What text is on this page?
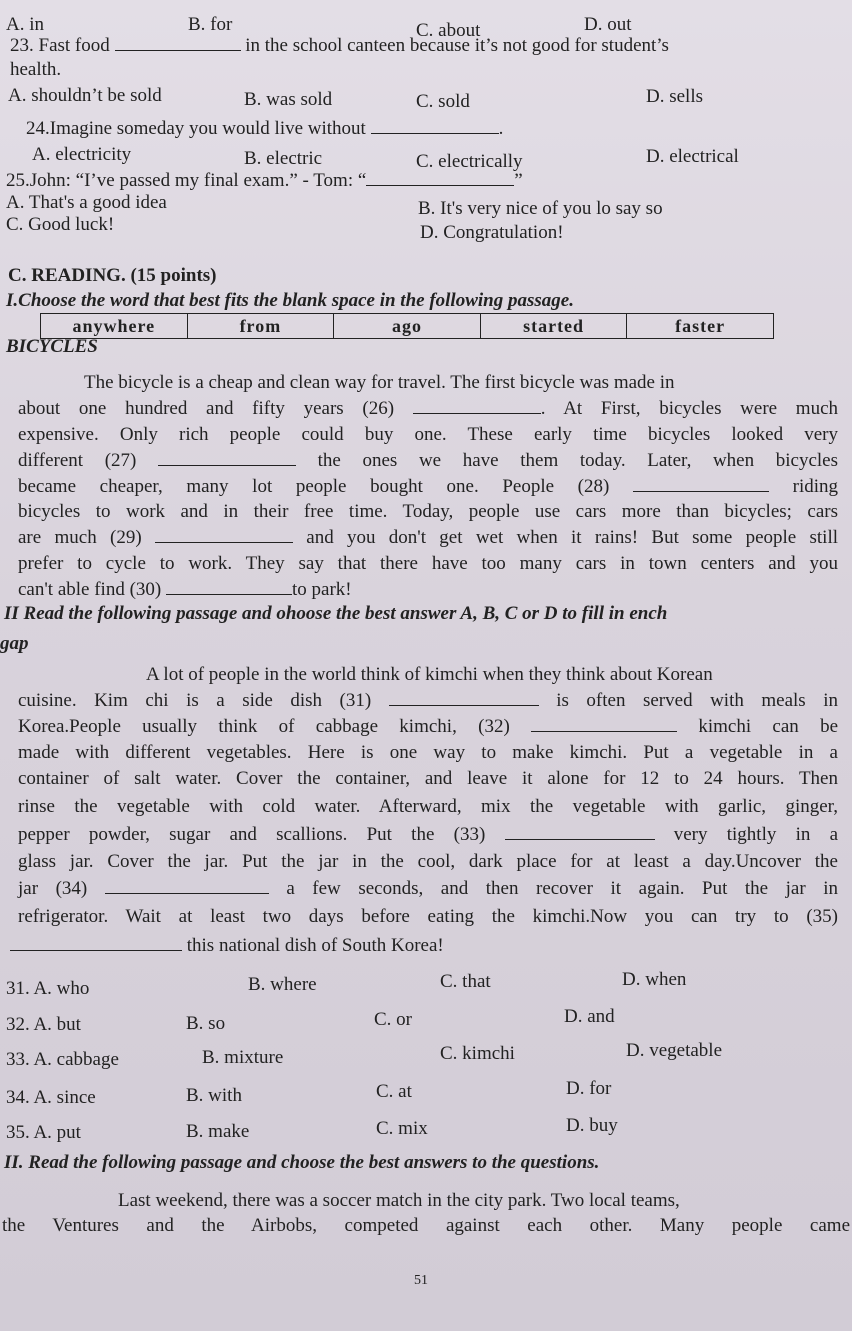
A. in	B. for	C. about	D. out
23. Fast food	in the school canteen because it’s not good for student’s
health.
A. shouldn’t be sold	B. was sold	C. sold	D. sells
24.Imagine someday you would live without	.
A. electricity	B. electric	C. electrically	D. electrical
25.John: “I’ve passed my final exam.” - Tom: “	”
A. That's a good idea	B. It's very nice of you lo say so
C. Good luck!	D. Congratulation!
C. READING. (15 points)
I.Choose the word that best fits the blank space in the following passage.
anywhere	from	ago	started	faster
BICYCLES
The bicycle is a cheap and clean way for travel. The first bicycle was made in
about one hundred and fifty years (26)	. At First, bicycles were much
expensive. Only rich people could buy one. These early time bicycles looked very
different (27)	the ones we have them today. Later, when bicycles
became cheaper, many lot people bought one. People (28)	riding
bicycles to work and in their free time. Today, people use cars more than bicycles; cars
are much (29)	and you don't get wet when it rains! But some people still
prefer to cycle to work. They say that there have too many cars in town centers and you
can't able find (30)	to park!
II Read the following passage and ohoose the best answer A, B, C or D to fill in ench
gap
A lot of people in the world think of kimchi when they think about Korean
cuisine. Kim chi is a side dish (31)	is often served with meals in
Korea.People usually think of cabbage kimchi, (32)	kimchi can be
made with different vegetables. Here is one way to make kimchi. Put a vegetable in a
container of salt water. Cover the container, and leave it alone for 12 to 24 hours. Then
rinse the vegetable with cold water. Afterward, mix the vegetable with garlic, ginger,
pepper powder, sugar and scallions. Put the (33)	very tightly in a
glass jar. Cover the jar. Put the jar in the cool, dark place for at least a day.Uncover the
jar (34)	a few seconds, and then recover it again. Put the jar in
refrigerator. Wait at least two days before eating the kimchi.Now you can try to (35)
this national dish of South Korea!
31. A. who	B. where	C. that	D. when
32. A. but	B. so	C. or	D. and
33. A. cabbage	B. mixture	C. kimchi	D. vegetable
34. A. since	B. with	C. at	D. for
35. A. put	B. make	C. mix	D. buy
II. Read the following passage and choose the best answers to the questions.
Last weekend, there was a soccer match in the city park. Two local teams,
the Ventures and the Airbobs, competed against each other. Many people came
51
